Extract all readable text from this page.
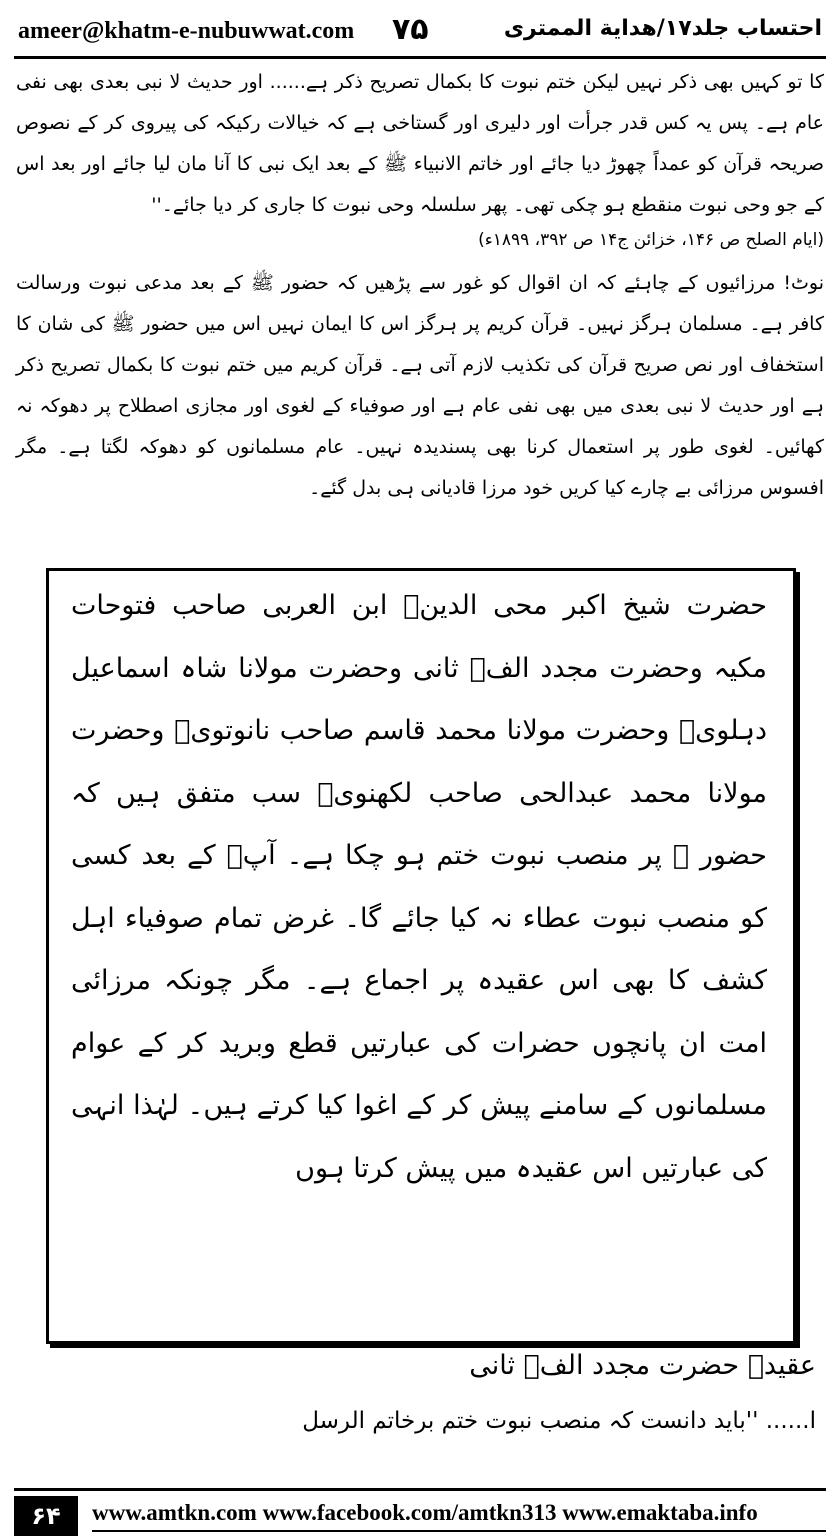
ameer@khatm-e-nubuwwat.com ۷۵	احتساب جلد۱۷/هداية الممترى
کا تو کہیں بھی ذکر نہیں لیکن ختم نبوت کا بکمال تصریح ذکر ہے...... اور حدیث لا نبی بعدی بھی نفی عام ہے۔ پس یہ کس قدر جرأت اور دلیری اور گستاخی ہے کہ خیالات رکیکہ کی پیروی کر کے نصوص صریحہ قرآن کو عمداً چھوڑ دیا جائے اور خاتم الانبیاء ﷺ کے بعد ایک نبی کا آنا مان لیا جائے اور بعد اس کے جو وحی نبوت منقطع ہو چکی تھی۔ پھر سلسلہ وحی نبوت کا جاری کر دیا جائے۔''
(ایام الصلح ص ۱۴۶، خزائن ج۱۴ ص ۳۹۲، ۱۸۹۹ء)
نوٹ! مرزائیوں کے چاہئے کہ ان اقوال کو غور سے پڑھیں کہ حضور ﷺ کے بعد مدعی نبوت ورسالت کافر ہے۔ مسلمان ہرگز نہیں۔ قرآن کریم پر ہرگز اس کا ایمان نہیں اس میں حضور ﷺ کی شان کا استخفاف اور نص صریح قرآن کی تکذیب لازم آتی ہے۔ قرآن کریم میں ختم نبوت کا بکمال تصریح ذکر ہے اور حدیث لا نبی بعدی میں بھی نفی عام ہے اور صوفیاء کے لغوی اور مجازی اصطلاح پر دھوکہ نہ کھائیں۔ لغوی طور پر استعمال کرنا بھی پسندیدہ نہیں۔ عام مسلمانوں کو دھوکہ لگتا ہے۔ مگر افسوس مرزائی بے چارے کیا کریں خود مرزا قادیانی ہی بدل گئے۔
حضرت شیخ اکبر محی الدینؒ ابن العربی صاحب فتوحات مکیہ وحضرت مجدد الفؒ ثانی وحضرت مولانا شاہ اسماعیل دہلویؒ وحضرت مولانا محمد قاسم صاحب نانوتویؒ وحضرت مولانا محمد عبدالحی صاحب لکھنویؒ سب متفق ہیں کہ حضور ﷺ پر منصب نبوت ختم ہو چکا ہے۔ آپؐ کے بعد کسی کو منصب نبوت عطاء نہ کیا جائے گا۔ غرض تمام صوفیاء اہل کشف کا بھی اس عقیدہ پر اجماع ہے۔ مگر چونکہ مرزائی امت ان پانچوں حضرات کی عبارتیں قطع وبرید کر کے عوام مسلمانوں کے سامنے پیش کر کے اغوا کیا کرتے ہیں۔ لہٰذا انہی کی عبارتیں اس عقیدہ میں پیش کرتا ہوں
عقیدہ حضرت مجدد الفؒ ثانی
ا...... ''باید دانست کہ منصب نبوت ختم برخاتم الرسل
۶۴	www.amtkn.com www.facebook.com/amtkn313 www.emaktaba.info
